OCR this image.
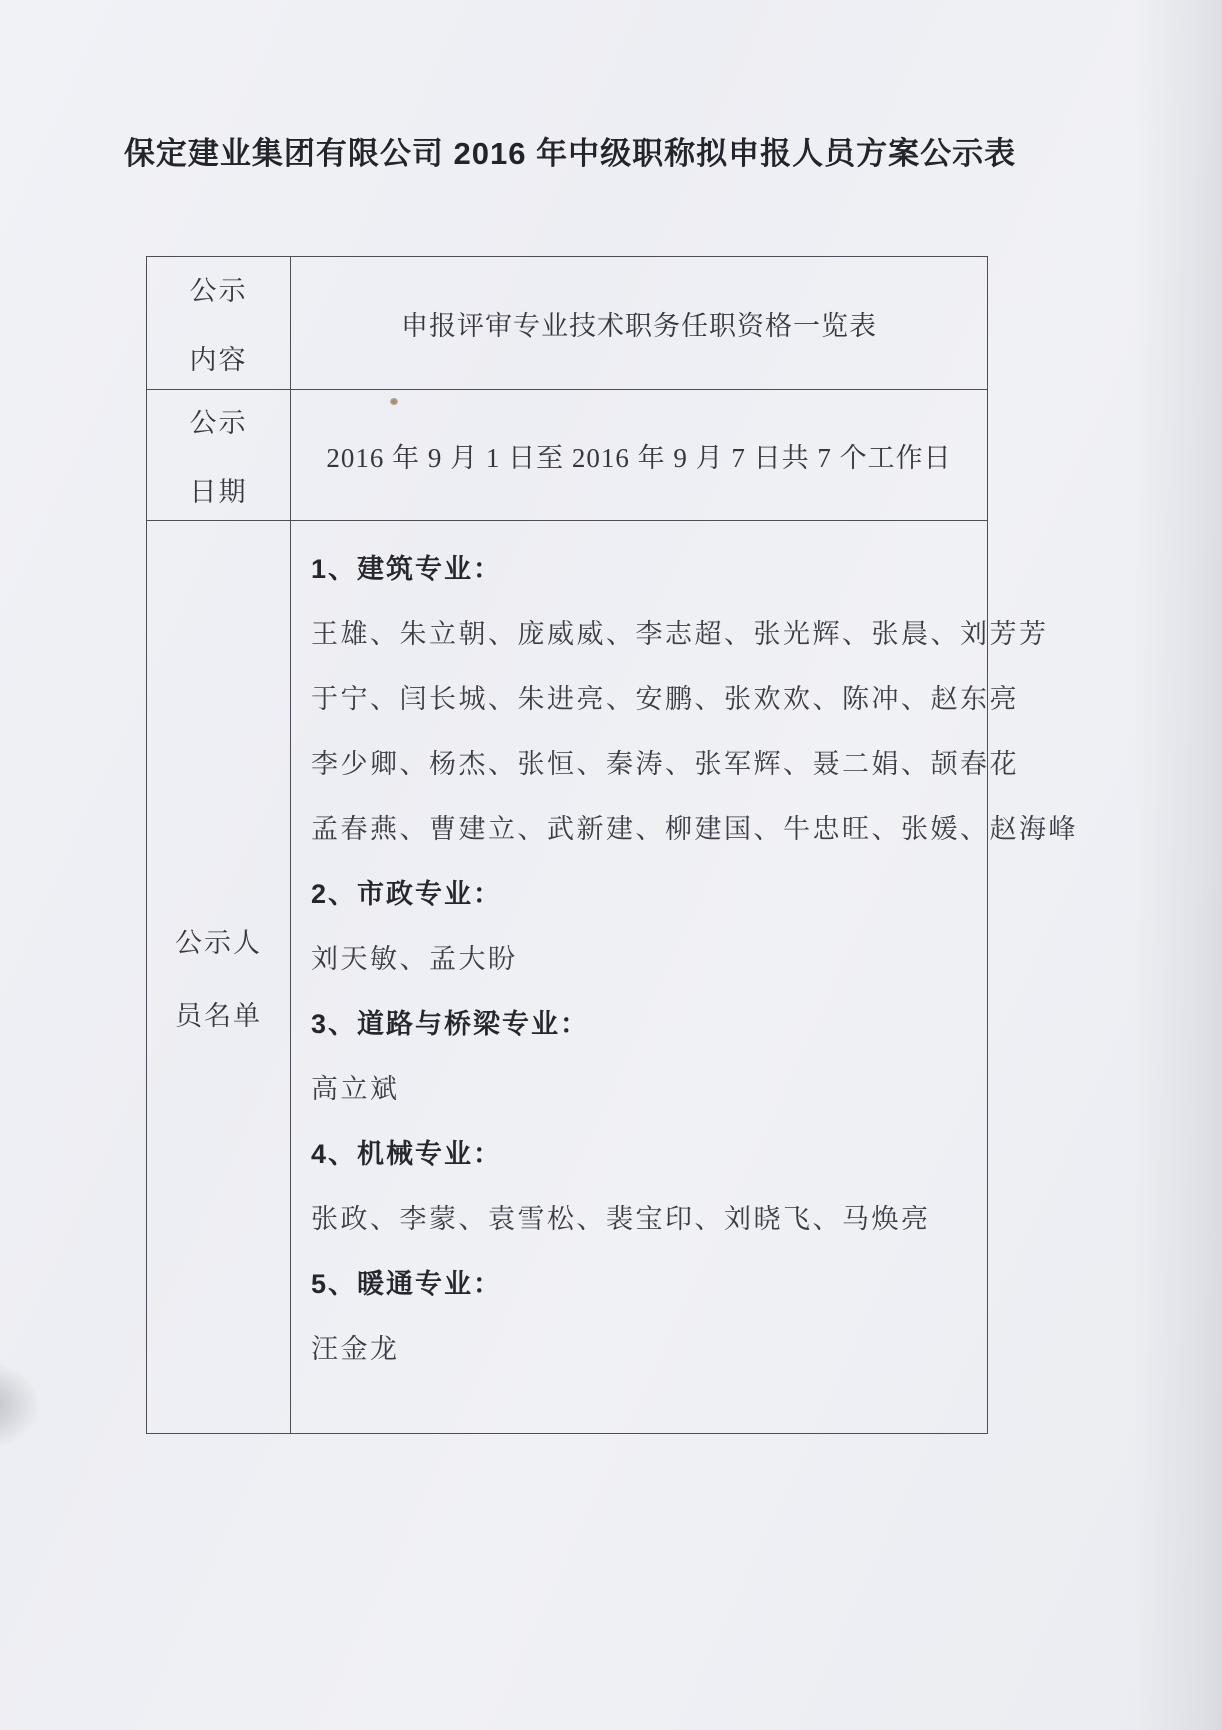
保定建业集团有限公司 2016 年中级职称拟申报人员方案公示表
公示
内容
申报评审专业技术职务任职资格一览表
公示
日期
2016 年 9 月 1 日至 2016 年 9 月 7 日共 7 个工作日
公示人
员名单
1、建筑专业：
王雄、朱立朝、庞威威、李志超、张光辉、张晨、刘芳芳
于宁、闫长城、朱进亮、安鹏、张欢欢、陈冲、赵东亮
李少卿、杨杰、张恒、秦涛、张军辉、聂二娟、颉春花
孟春燕、曹建立、武新建、柳建国、牛忠旺、张媛、赵海峰
2、市政专业：
刘天敏、孟大盼
3、道路与桥梁专业：
高立斌
4、机械专业：
张政、李蒙、袁雪松、裴宝印、刘晓飞、马焕亮
5、暖通专业：
汪金龙
